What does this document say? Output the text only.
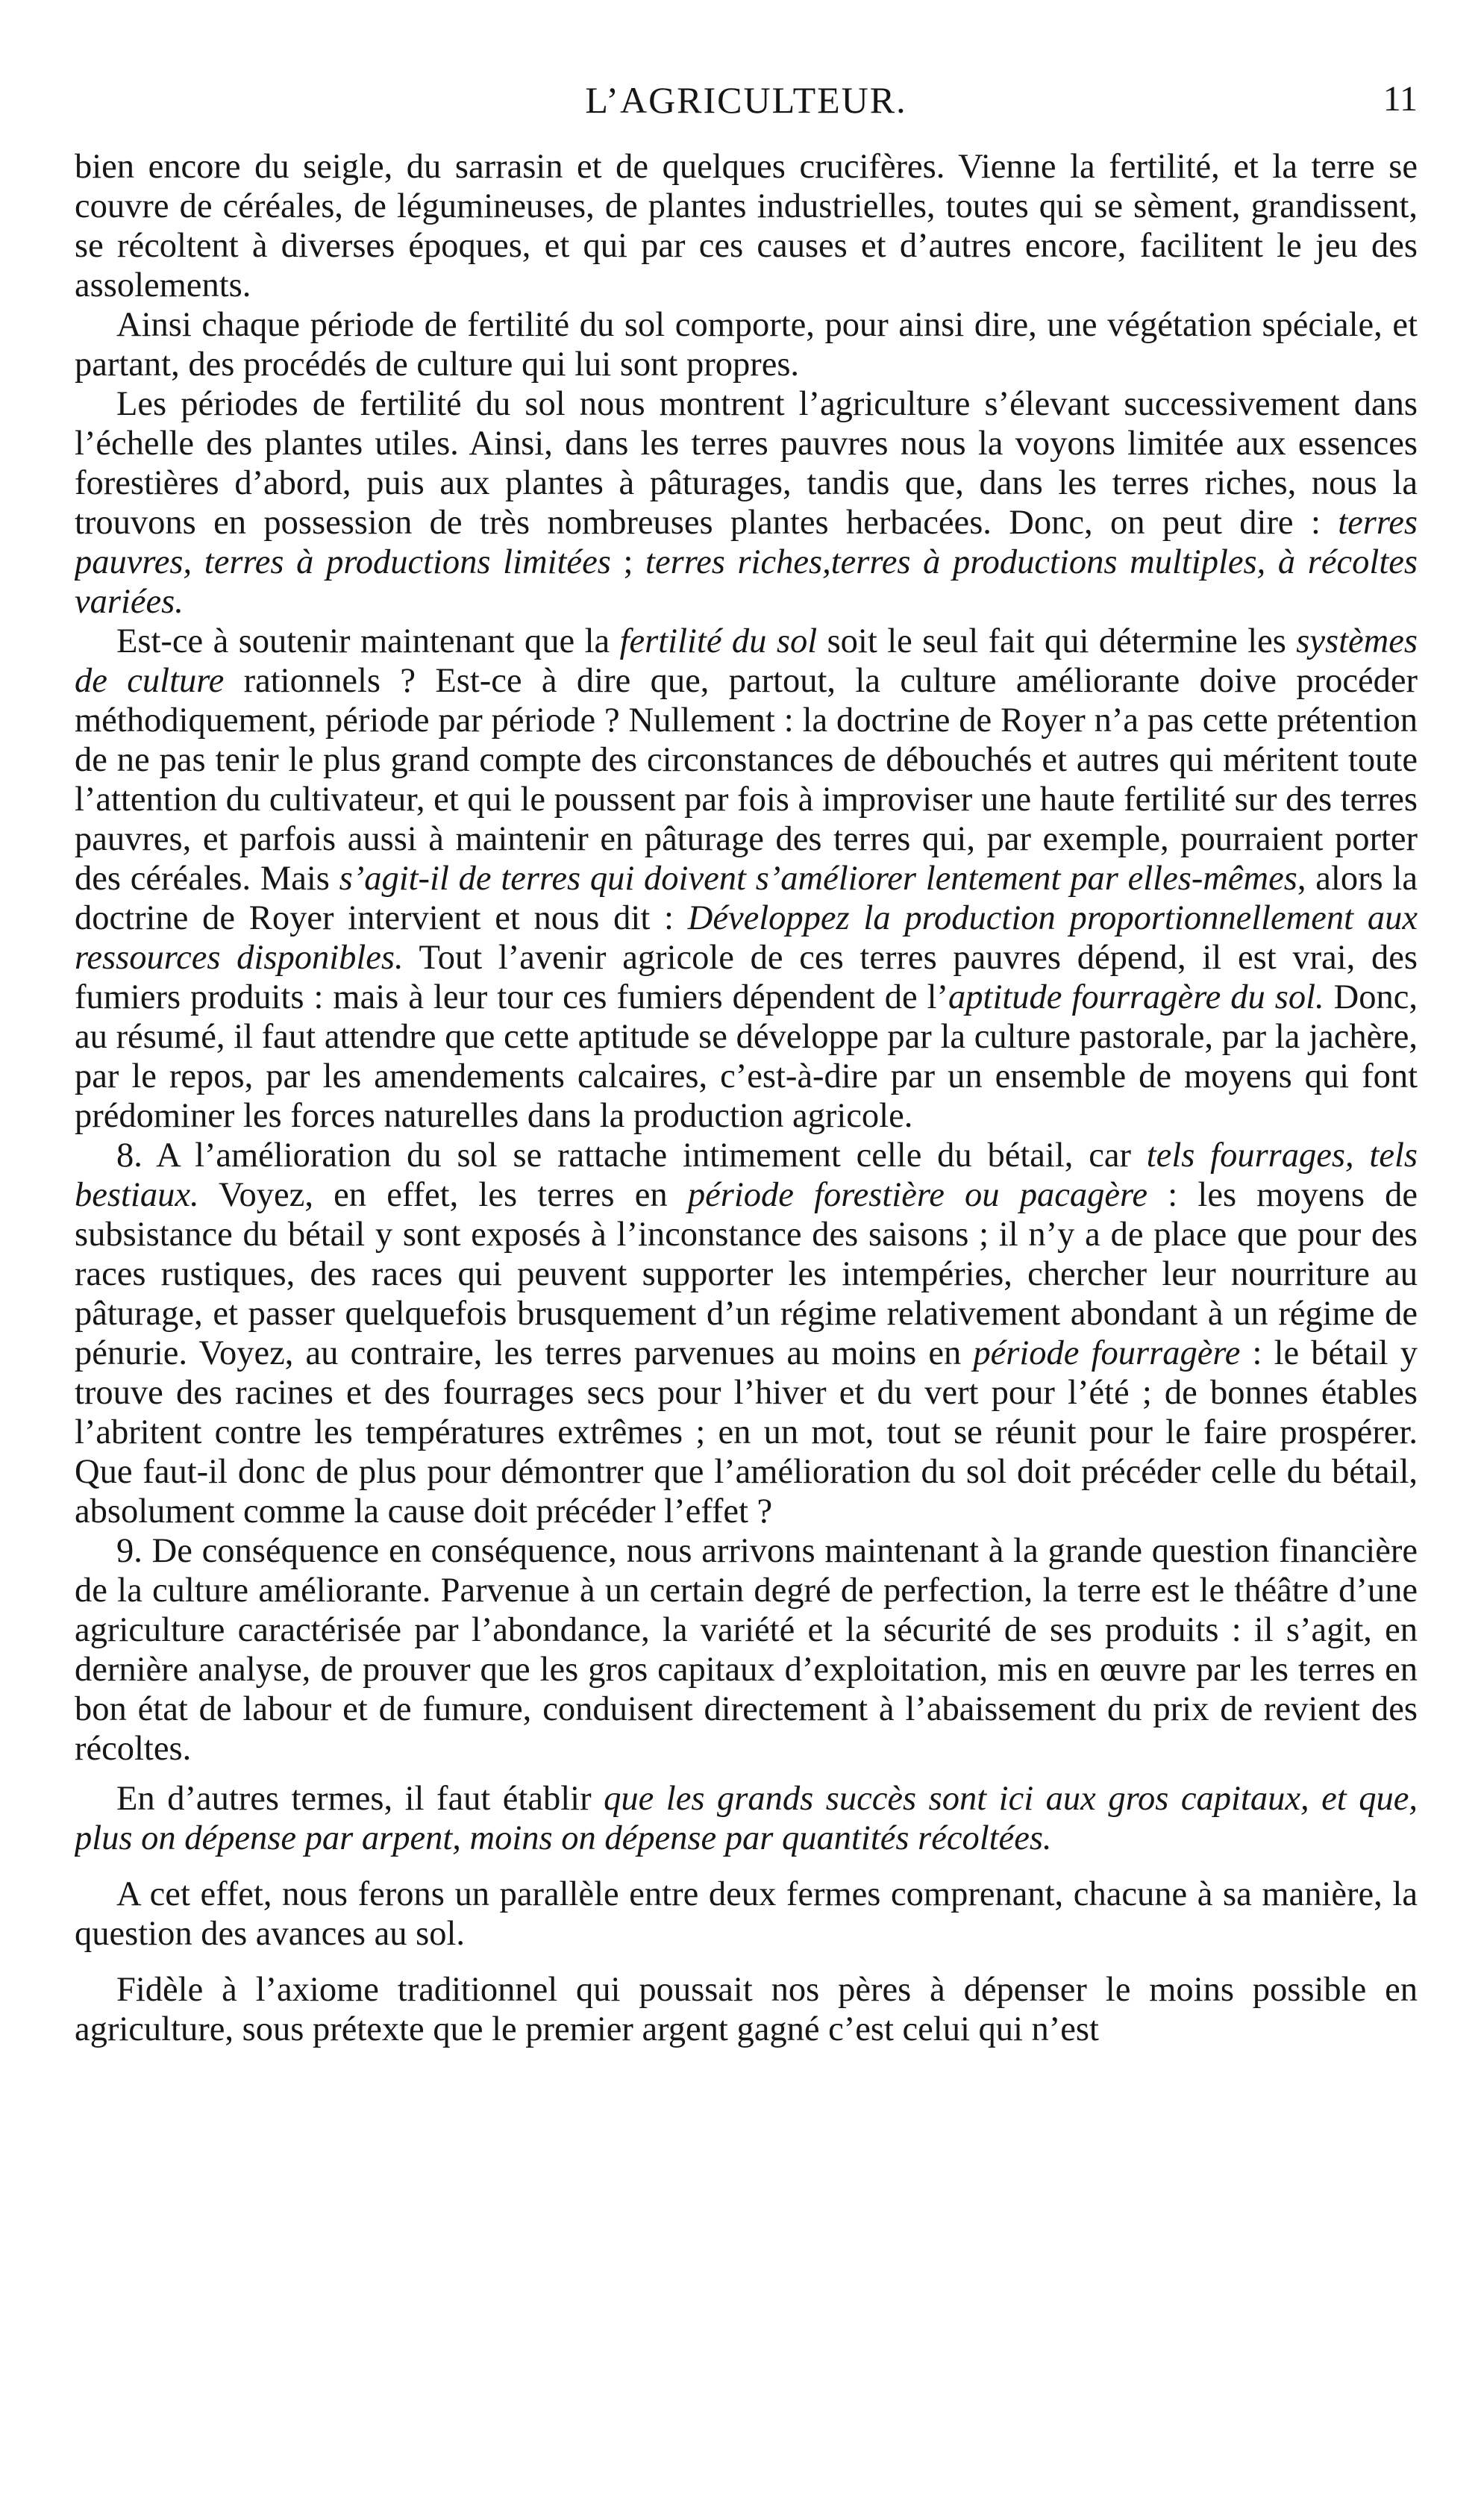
L’AGRICULTEUR.	11

bien encore du seigle, du sarrasin et de quelques crucifères. Vienne la fertilité, et la terre se couvre de céréales, de légumineuses, de plantes industrielles, toutes qui se sèment, grandissent, se récoltent à diverses époques, et qui par ces causes et d’autres encore, facilitent le jeu des assolements.

Ainsi chaque période de fertilité du sol comporte, pour ainsi dire, une végétation spéciale, et partant, des procédés de culture qui lui sont propres.

Les périodes de fertilité du sol nous montrent l’agriculture s’élevant successivement dans l’échelle des plantes utiles. Ainsi, dans les terres pauvres nous la voyons limitée aux essences forestières d’abord, puis aux plantes à pâturages, tandis que, dans les terres riches, nous la trouvons en possession de très nombreuses plantes herbacées. Donc, on peut dire : terres pauvres, terres à productions limitées ; terres riches,terres à productions multiples, à récoltes variées.

Est-ce à soutenir maintenant que la fertilité du sol soit le seul fait qui détermine les systèmes de culture rationnels ? Est-ce à dire que, partout, la culture améliorante doive procéder méthodiquement, période par période ? Nullement : la doctrine de Royer n’a pas cette prétention de ne pas tenir le plus grand compte des circonstances de débouchés et autres qui méritent toute l’attention du cultivateur, et qui le poussent par fois à improviser une haute fertilité sur des terres pauvres, et parfois aussi à maintenir en pâturage des terres qui, par exemple, pourraient porter des céréales. Mais s’agit-il de terres qui doivent s’améliorer lentement par elles-mêmes, alors la doctrine de Royer intervient et nous dit : Développez la production proportionnellement aux ressources disponibles. Tout l’avenir agricole de ces terres pauvres dépend, il est vrai, des fumiers produits : mais à leur tour ces fumiers dépendent de l’aptitude fourragère du sol. Donc, au résumé, il faut attendre que cette aptitude se développe par la culture pastorale, par la jachère, par le repos, par les amendements calcaires, c’est-à-dire par un ensemble de moyens qui font prédominer les forces naturelles dans la production agricole.

8. A l’amélioration du sol se rattache intimement celle du bétail, car tels fourrages, tels bestiaux. Voyez, en effet, les terres en période forestière ou pacagère : les moyens de subsistance du bétail y sont exposés à l’inconstance des saisons ; il n’y a de place que pour des races rustiques, des races qui peuvent supporter les intempéries, chercher leur nourriture au pâturage, et passer quelquefois brusquement d’un régime relativement abondant à un régime de pénurie. Voyez, au contraire, les terres parvenues au moins en période fourragère : le bétail y trouve des racines et des fourrages secs pour l’hiver et du vert pour l’été ; de bonnes étables l’abritent contre les températures extrêmes ; en un mot, tout se réunit pour le faire prospérer. Que faut-il donc de plus pour démontrer que l’amélioration du sol doit précéder celle du bétail, absolument comme la cause doit précéder l’effet ?

9. De conséquence en conséquence, nous arrivons maintenant à la grande question financière de la culture améliorante. Parvenue à un certain degré de perfection, la terre est le théâtre d’une agriculture caractérisée par l’abondance, la variété et la sécurité de ses produits : il s’agit, en dernière analyse, de prouver que les gros capitaux d’exploitation, mis en œuvre par les terres en bon état de labour et de fumure, conduisent directement à l’abaissement du prix de revient des récoltes.

En d’autres termes, il faut établir que les grands succès sont ici aux gros capitaux, et que, plus on dépense par arpent, moins on dépense par quantités récoltées.

A cet effet, nous ferons un parallèle entre deux fermes comprenant, chacune à sa manière, la question des avances au sol.

Fidèle à l’axiome traditionnel qui poussait nos pères à dépenser le moins possible en agriculture, sous prétexte que le premier argent gagné c’est celui qui n’est
